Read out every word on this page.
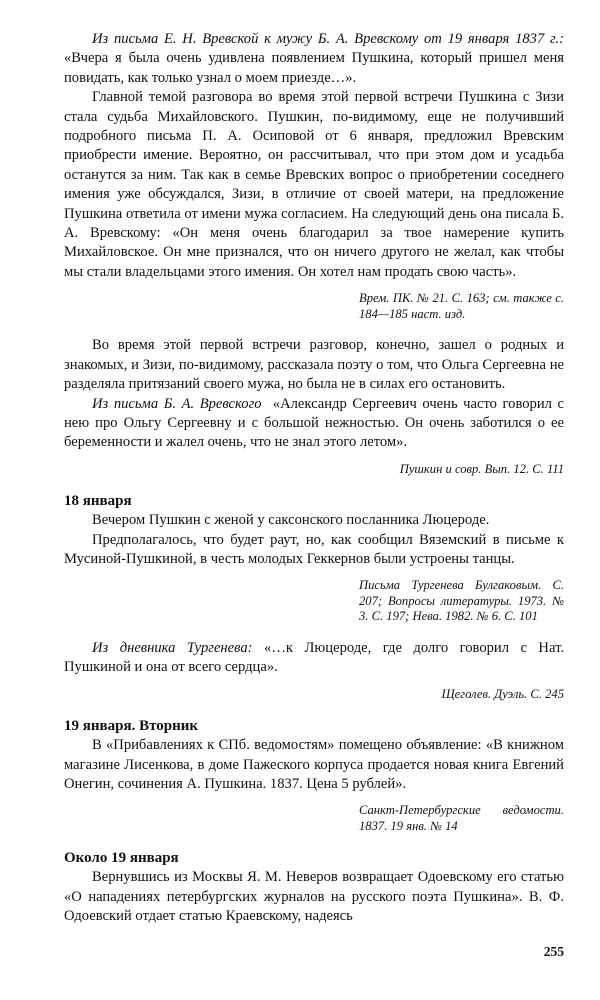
Из письма Е. Н. Вревской к мужу Б. А. Вревскому от 19 января 1837 г.: «Вчера я была очень удивлена появлением Пушкина, который пришел меня повидать, как только узнал о моем приезде…».

Главной темой разговора во время этой первой встречи Пушкина с Зизи стала судьба Михайловского. Пушкин, по-видимому, еще не получивший подробного письма П. А. Осиповой от 6 января, предложил Вревским приобрести имение. Вероятно, он рассчитывал, что при этом дом и усадьба останутся за ним. Так как в семье Вревских вопрос о приобретении соседнего имения уже обсуждался, Зизи, в отличие от своей матери, на предложение Пушкина ответила от имени мужа согласием. На следующий день она писала Б. А. Вревскому: «Он меня очень благодарил за твое намерение купить Михайловское. Он мне признался, что он ничего другого не желал, как чтобы мы стали владельцами этого имения. Он хотел нам продать свою часть».

Врем. ПК. № 21. С. 163; см. также с. 184—185 наст. изд.

Во время этой первой встречи разговор, конечно, зашел о родных и знакомых, и Зизи, по-видимому, рассказала поэту о том, что Ольга Сергеевна не разделяла притязаний своего мужа, но была не в силах его остановить.

Из письма Б. А. Вревского «Александр Сергеевич очень часто говорил с нею про Ольгу Сергеевну и с большой нежностью. Он очень заботился о ее беременности и жалел очень, что не знал этого летом».

Пушкин и совр. Вып. 12. С. 111

18 января

Вечером Пушкин с женой у саксонского посланника Люцероде.

Предполагалось, что будет раут, но, как сообщил Вяземский в письме к Мусиной-Пушкиной, в честь молодых Геккернов были устроены танцы.

Письма Тургенева Булгаковым. С. 207; Вопросы литературы. 1973. № 3. С. 197; Нева. 1982. № 6. С. 101

Из дневника Тургенева: «…к Люцероде, где долго говорил с Нат. Пушкиной и она от всего сердца».

Щеголев. Дуэль. С. 245

19 января. Вторник

В «Прибавлениях к СПб. ведомостям» помещено объявление: «В книжном магазине Лисенкова, в доме Пажеского корпуса продается новая книга Евгений Онегин, сочинения А. Пушкина. 1837. Цена 5 рублей».

Санкт-Петербургские ведомости. 1837. 19 янв. № 14

Около 19 января

Вернувшись из Москвы Я. М. Неверов возвращает Одоевскому его статью «О нападениях петербургских журналов на русского поэта Пушкина». В. Ф. Одоевский отдает статью Краевскому, надеясь

255
